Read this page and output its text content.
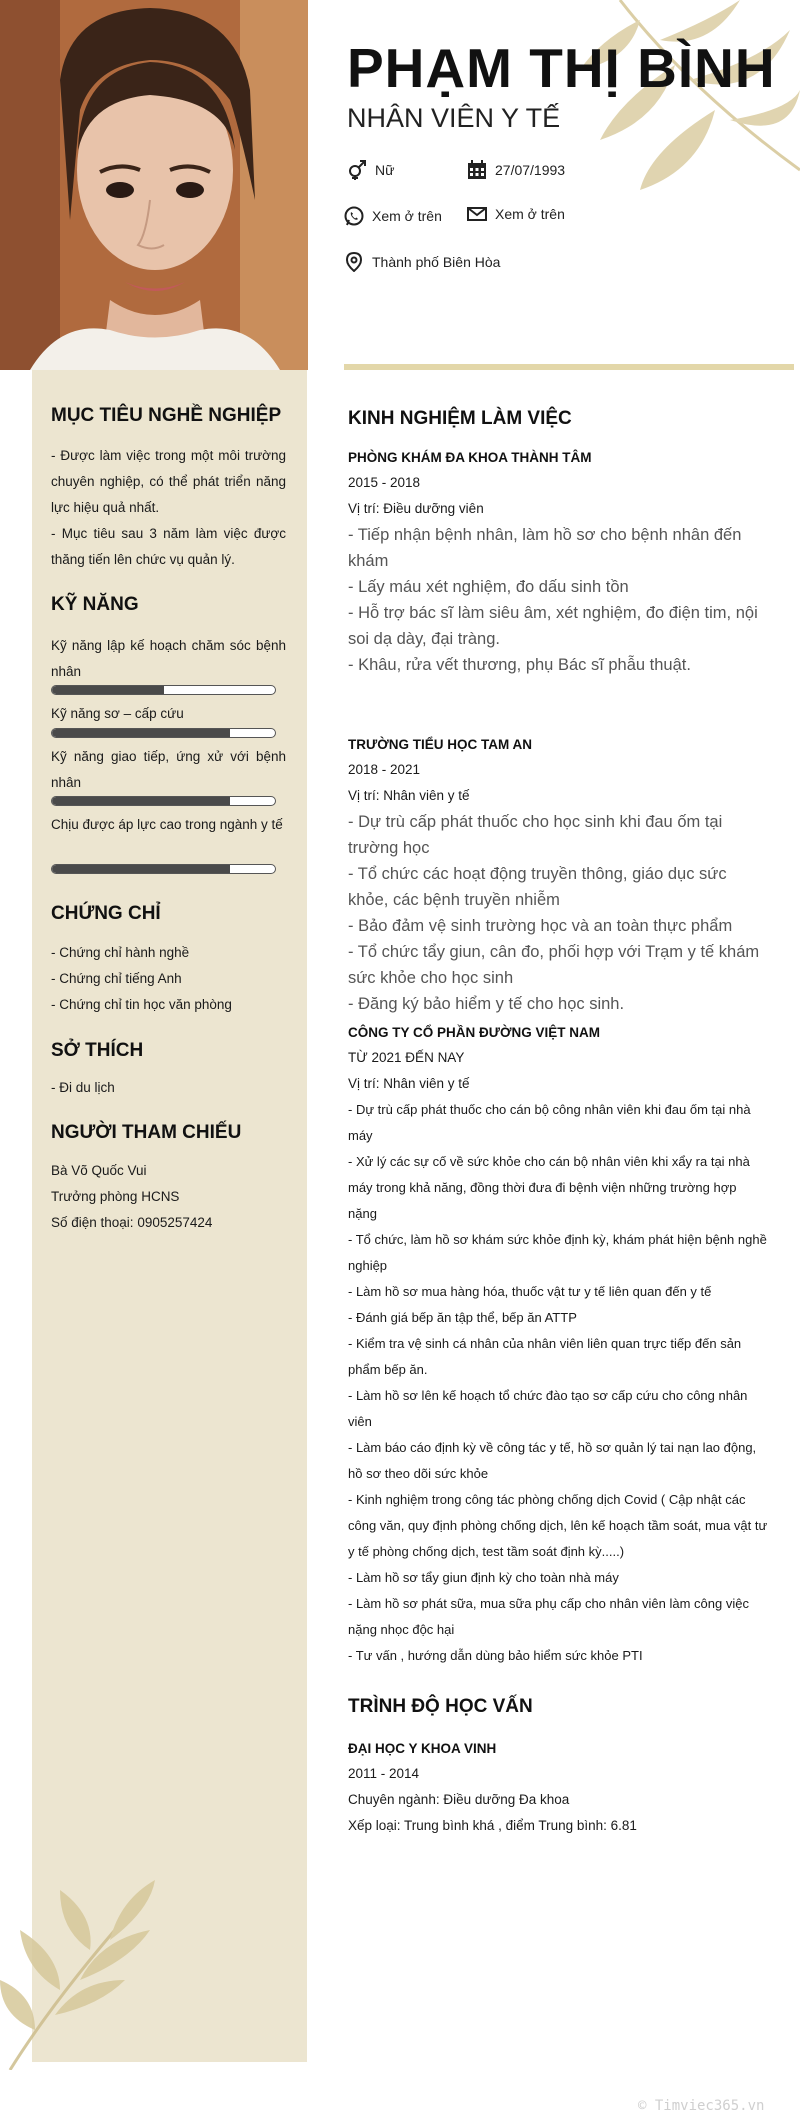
PHẠM THỊ BÌNH
NHÂN VIÊN Y TẾ
Nữ	27/07/1993
Xem ở trên	Xem ở trên
Thành phố Biên Hòa
MỤC TIÊU NGHỀ NGHIỆP
- Được làm việc trong một môi trường chuyên nghiệp, có thể phát triển năng lực hiệu quả nhất.
- Mục tiêu sau 3 năm làm việc được thăng tiến lên chức vụ quản lý.
KỸ NĂNG
Kỹ năng lập kế hoạch chăm sóc bệnh nhân
Kỹ năng sơ – cấp cứu
Kỹ năng giao tiếp, ứng xử với bệnh nhân
Chịu được áp lực cao trong ngành y tế
CHỨNG CHỈ
- Chứng chỉ hành nghề
- Chứng chỉ tiếng Anh
- Chứng chỉ tin học văn phòng
SỞ THÍCH
- Đi du lịch
NGƯỜI THAM CHIẾU
Bà Võ Quốc Vui
Trưởng phòng HCNS
Số điện thoại: 0905257424
KINH NGHIỆM LÀM VIỆC
PHÒNG KHÁM ĐA KHOA THÀNH TÂM
2015 - 2018
Vị trí: Điều dưỡng viên
- Tiếp nhận bệnh nhân, làm hồ sơ cho bệnh nhân đến khám
- Lấy máu xét nghiệm, đo dấu sinh tồn
- Hỗ trợ bác sĩ làm siêu âm, xét nghiệm, đo điện tim, nội soi dạ dày, đại tràng.
- Khâu, rửa vết thương, phụ Bác sĩ phẫu thuật.
TRƯỜNG TIỂU HỌC TAM AN
2018 - 2021
Vị trí: Nhân viên y tế
- Dự trù cấp phát thuốc cho học sinh khi đau ốm tại trường học
- Tổ chức các hoạt động truyền thông, giáo dục sức khỏe, các bệnh truyền nhiễm
- Bảo đảm vệ sinh trường học và an toàn thực phẩm
- Tổ chức tẩy giun, cân đo, phối hợp với Trạm y tế khám sức khỏe cho học sinh
- Đăng ký bảo hiểm y tế cho học sinh.
CÔNG TY CỔ PHẦN ĐƯỜNG VIỆT NAM
TỪ 2021 ĐẾN NAY
Vị trí: Nhân viên y tế
- Dự trù cấp phát thuốc cho cán bộ công nhân viên khi đau ốm tại nhà máy
- Xử lý các sự cố về sức khỏe cho cán bộ nhân viên khi xẩy ra tại nhà máy trong khả năng, đồng thời đưa đi bệnh viện những trường hợp nặng
- Tổ chức, làm hồ sơ khám sức khỏe định kỳ, khám phát hiện bệnh nghề nghiệp
- Làm hồ sơ mua hàng hóa, thuốc vật tư y tế liên quan đến y tế
- Đánh giá bếp ăn tập thể, bếp ăn ATTP
- Kiểm tra vệ sinh cá nhân của nhân viên liên quan trực tiếp đến sản phẩm bếp ăn.
- Làm hồ sơ lên kế hoạch tổ chức đào tạo sơ cấp cứu cho công nhân viên
- Làm báo cáo định kỳ về công tác y tế, hồ sơ quản lý tai nạn lao động, hồ sơ theo dõi sức khỏe
- Kinh nghiệm trong công tác phòng chống dịch Covid ( Cập nhật các công văn, quy định phòng chống dịch, lên kế hoạch tầm soát, mua vật tư y tế phòng chống dịch, test tầm soát định kỳ.....)
- Làm hồ sơ tẩy giun định kỳ cho toàn nhà máy
- Làm hồ sơ phát sữa, mua sữa phụ cấp cho nhân viên làm công việc nặng nhọc độc hại
- Tư vấn , hướng dẫn dùng bảo hiểm sức khỏe PTI
TRÌNH ĐỘ HỌC VẤN
ĐẠI HỌC Y KHOA VINH
2011 - 2014
Chuyên ngành: Điều dưỡng Đa khoa
Xếp loại: Trung bình khá , điểm Trung bình: 6.81
© Timviec365.vn
